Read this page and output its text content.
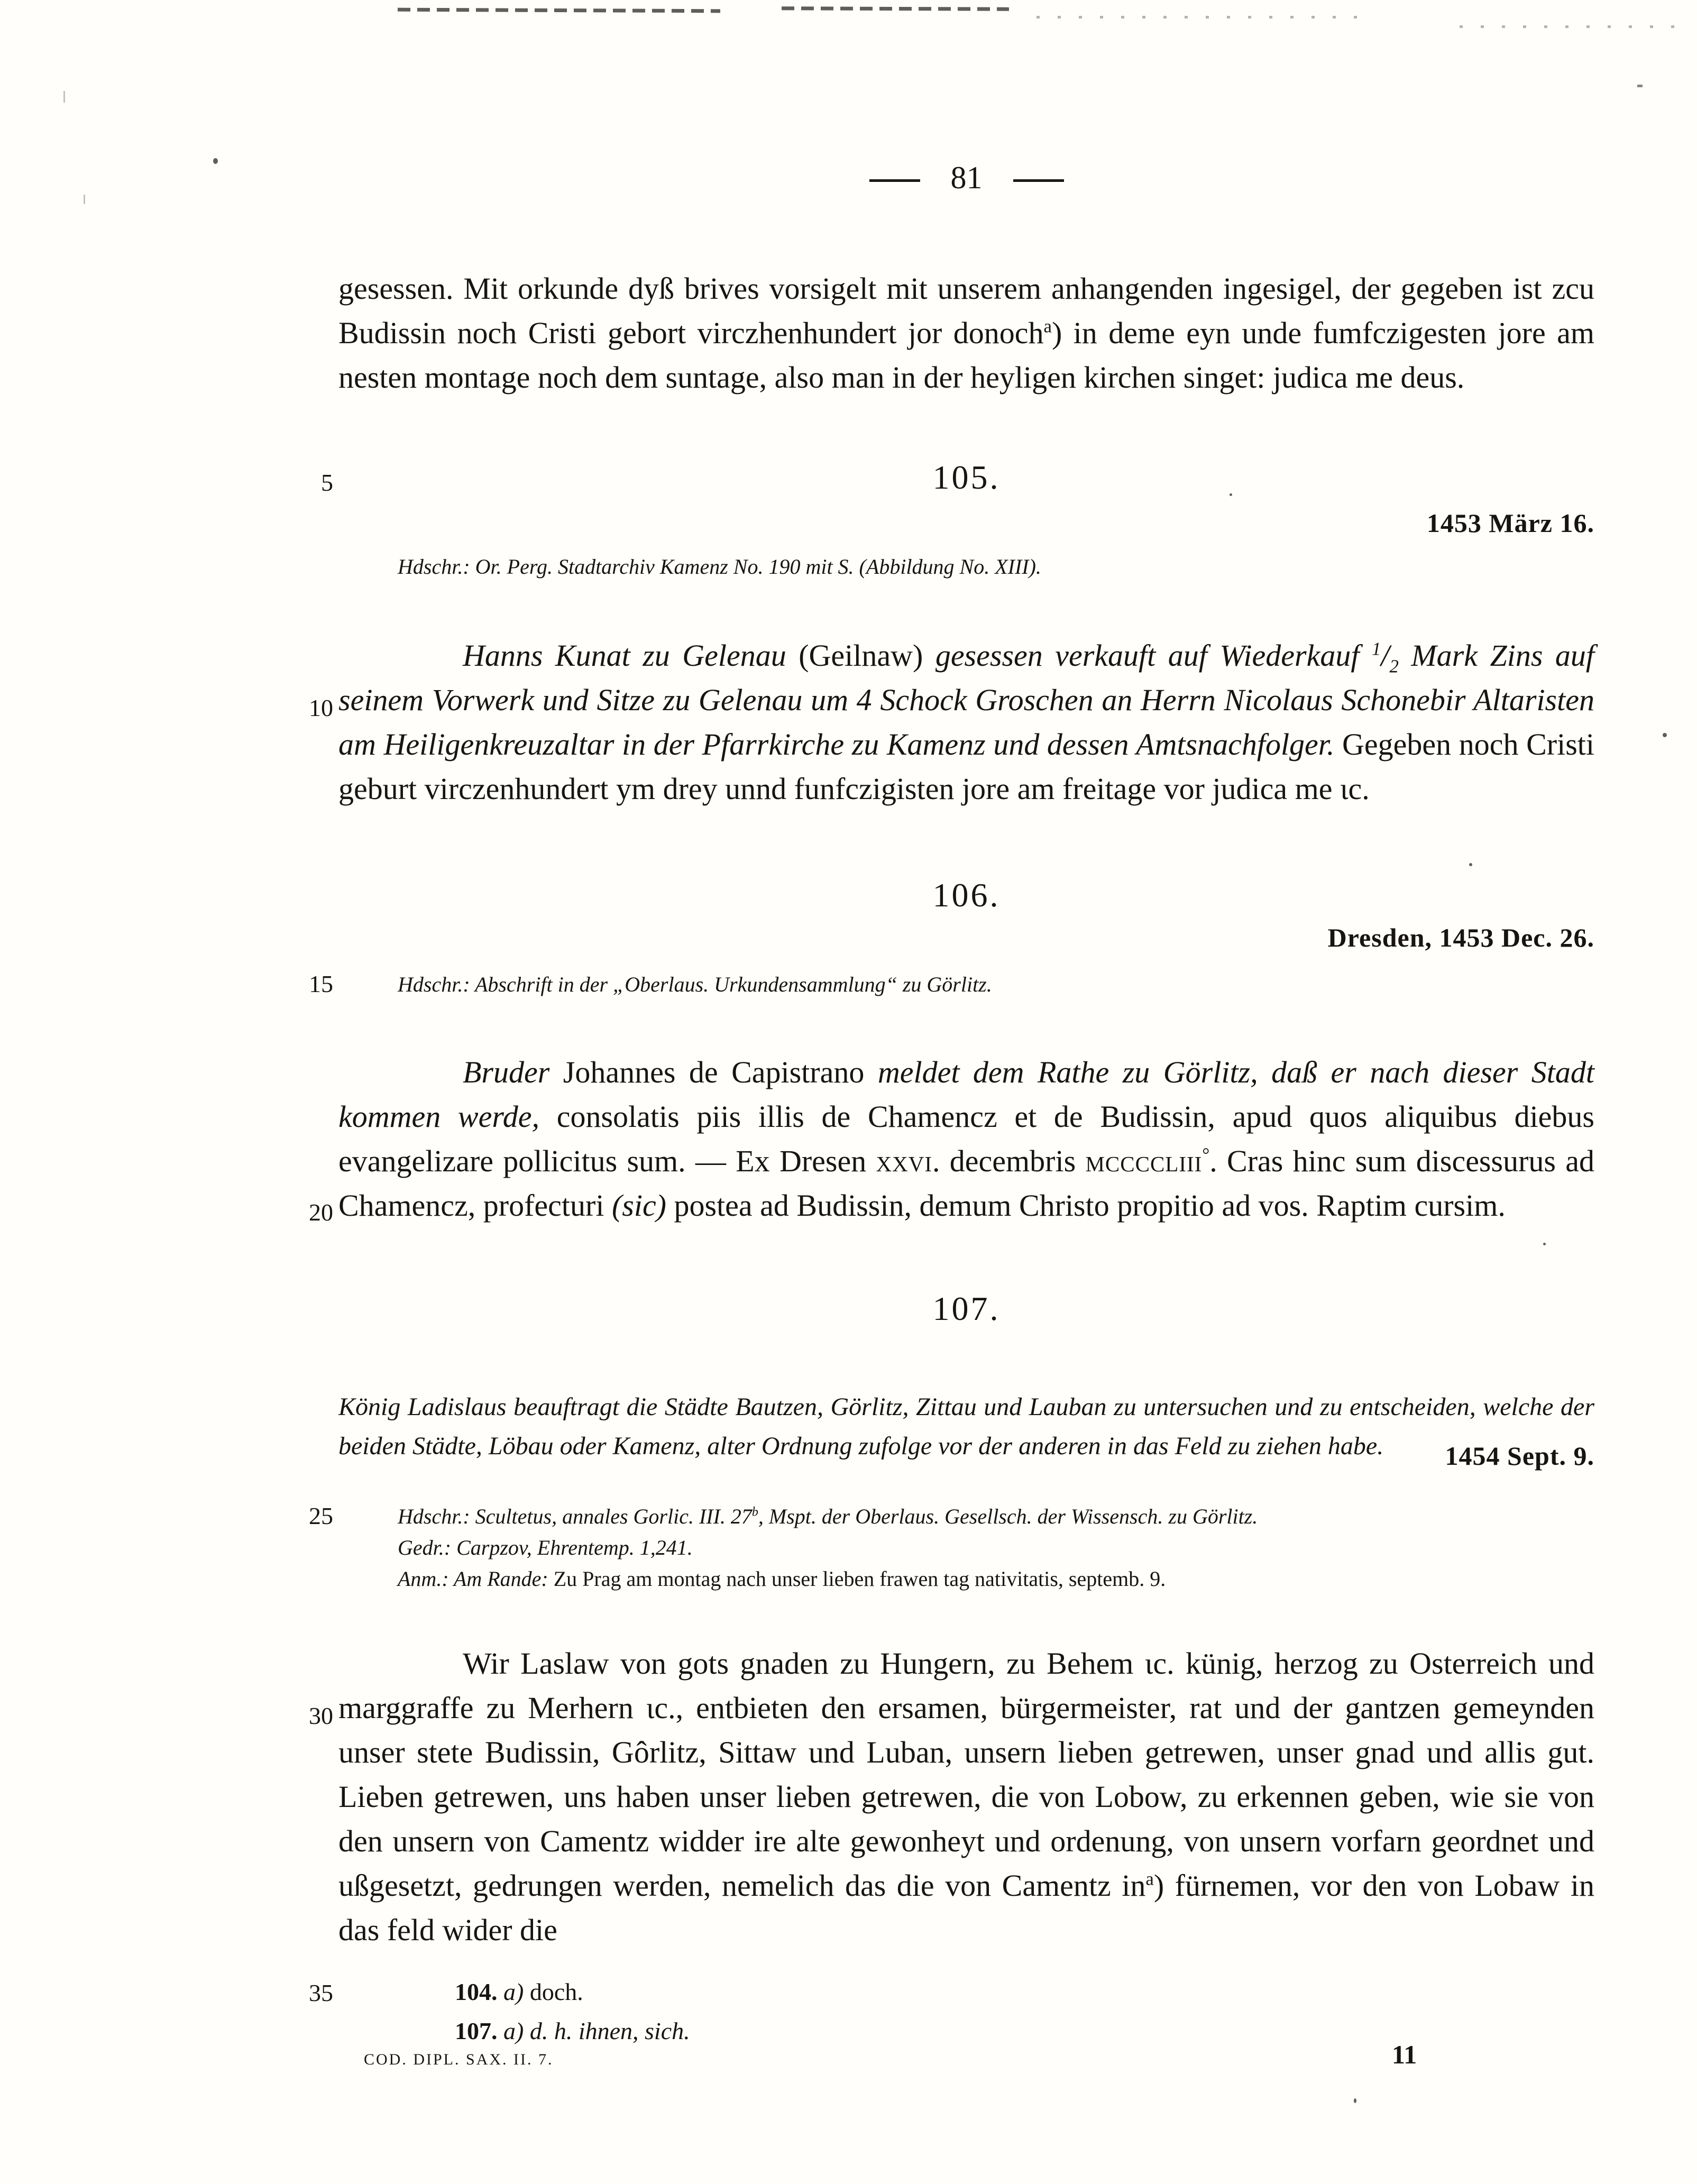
81
5
10
15
20
25
30
35

gesessen. Mit orkunde dyß brives vorsigelt mit unserem anhangenden ingesigel, der gegeben ist zcu Budissin noch Cristi gebort virczhenhundert jor donoch$^a$) in deme eyn unde fumfczigesten jore am nesten montage noch dem suntage, also man in der heyligen kirchen singet: judica me deus.

105.
1453 März 16.
Hdschr.: Or. Perg. Stadtarchiv Kamenz No. 190 mit S. (Abbildung No. XIII).

Hanns Kunat zu Gelenau (Geilnaw) gesessen verkauft auf Wiederkauf $^1/_2$ Mark Zins auf seinem Vorwerk und Sitze zu Gelenau um 4 Schock Groschen an Herrn Nicolaus Schonebir Altaristen am Heiligenkreuzaltar in der Pfarrkirche zu Kamenz und dessen Amtsnachfolger. Gegeben noch Cristi geburt virczenhundert ym drey unnd funfczigisten jore am freitage vor judica me ɩc.

106.
Dresden, 1453 Dec. 26.
Hdschr.: Abschrift in der „Oberlaus. Urkundensammlung“ zu Görlitz.

Bruder Johannes de Capistrano meldet dem Rathe zu Görlitz, daß er nach dieser Stadt kommen werde, consolatis piis illis de Chamencz et de Budissin, apud quos aliquibus diebus evangelizare pollicitus sum. — Ex Dresen xxvi. decembris mccccliii°. Cras hinc sum discessurus ad Chamencz, profecturi (sic) postea ad Budissin, demum Christo propitio ad vos. Raptim cursim.

107.

König Ladislaus beauftragt die Städte Bautzen, Görlitz, Zittau und Lauban zu untersuchen und zu entscheiden, welche der beiden Städte, Löbau oder Kamenz, alter Ordnung zufolge vor der anderen in das Feld zu ziehen habe.	1454 Sept. 9.
Hdschr.: Scultetus, annales Gorlic. III. 27$^b$, Mspt. der Oberlaus. Gesellsch. der Wissensch. zu Görlitz.
Gedr.: Carpzov, Ehrentemp. 1,241.
Anm.: Am Rande: Zu Prag am montag nach unser lieben frawen tag nativitatis, septemb. 9.

Wir Laslaw von gots gnaden zu Hungern, zu Behem ɩc. künig, herzog zu Osterreich und marggraffe zu Merhern ɩc., entbieten den ersamen, bürgermeister, rat und der gantzen gemeynden unser stete Budissin, Gôrlitz, Sittaw und Luban, unsern lieben getrewen, unser gnad und allis gut. Lieben getrewen, uns haben unser lieben getrewen, die von Lobow, zu erkennen geben, wie sie von den unsern von Camentz widder ire alte gewonheyt und ordenung, von unsern vorfarn geordnet und ußgesetzt, gedrungen werden, nemelich das die von Camentz $in^a$) fürnemen, vor den von Lobaw in das feld wider die

104. a) doch.
107. a) d. h. ihnen, sich.
COD. DIPL. SAX. II. 7.	11
